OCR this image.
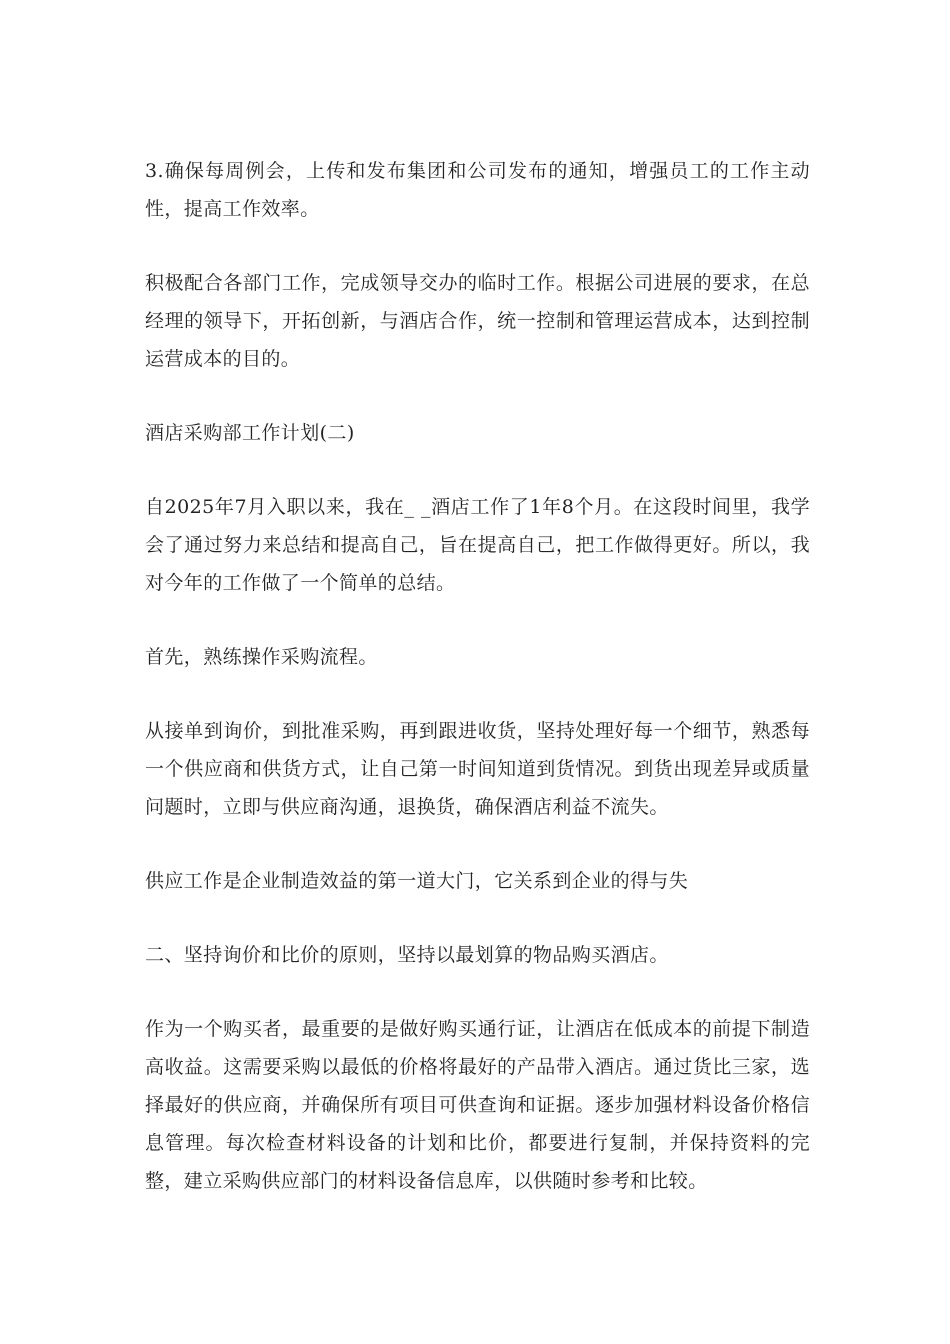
3.确保每周例会，上传和发布集团和公司发布的通知，增强员工的工作主动性，提高工作效率。

积极配合各部门工作，完成领导交办的临时工作。根据公司进展的要求，在总经理的领导下，开拓创新，与酒店合作，统一控制和管理运营成本，达到控制运营成本的目的。

酒店采购部工作计划(二)

自2025年7月入职以来，我在_ _酒店工作了1年8个月。在这段时间里，我学会了通过努力来总结和提高自己，旨在提高自己，把工作做得更好。所以，我对今年的工作做了一个简单的总结。

首先，熟练操作采购流程。

从接单到询价，到批准采购，再到跟进收货，坚持处理好每一个细节，熟悉每一个供应商和供货方式，让自己第一时间知道到货情况。到货出现差异或质量问题时，立即与供应商沟通，退换货，确保酒店利益不流失。

供应工作是企业制造效益的第一道大门，它关系到企业的得与失

二、坚持询价和比价的原则，坚持以最划算的物品购买酒店。

作为一个购买者，最重要的是做好购买通行证，让酒店在低成本的前提下制造高收益。这需要采购以最低的价格将最好的产品带入酒店。通过货比三家，选择最好的供应商，并确保所有项目可供查询和证据。逐步加强材料设备价格信息管理。每次检查材料设备的计划和比价，都要进行复制，并保持资料的完整，建立采购供应部门的材料设备信息库，以供随时参考和比较。
